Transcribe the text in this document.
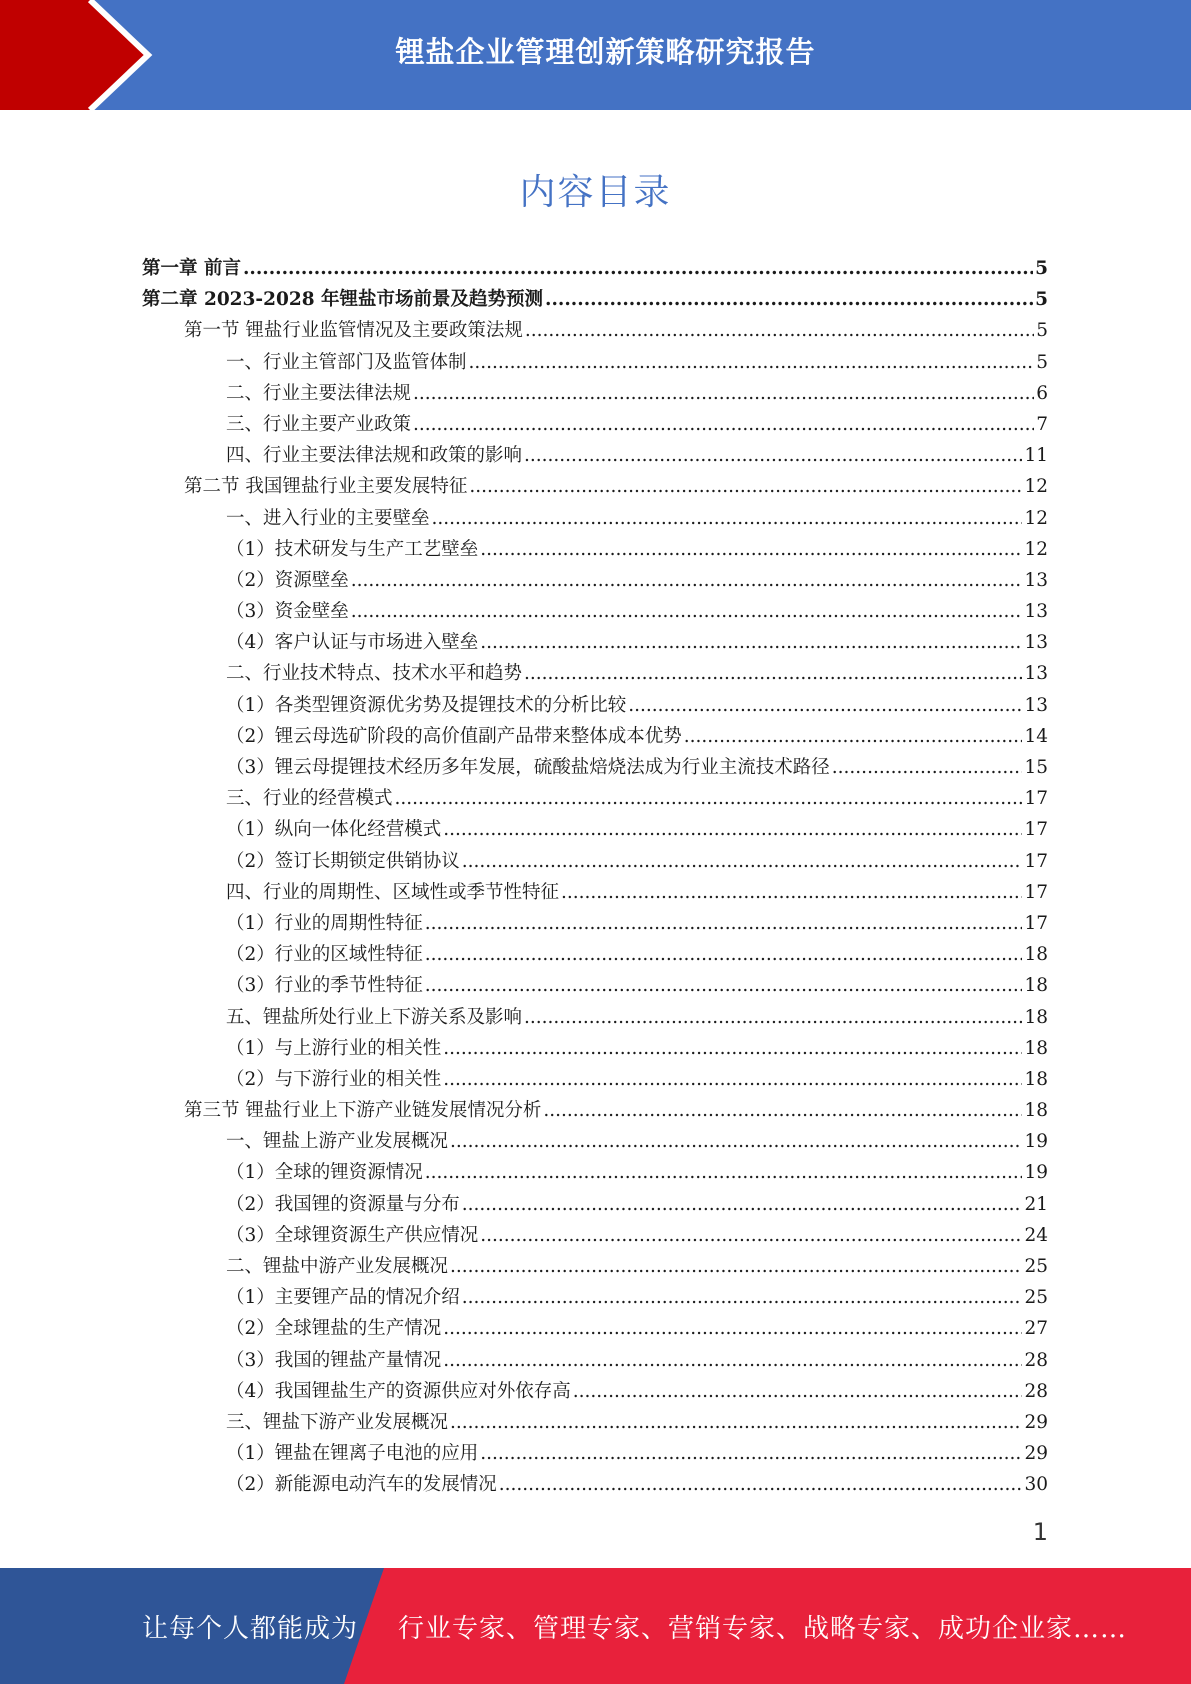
锂盐企业管理创新策略研究报告
内容目录
第一章 前言 .....	5
第二章 2023-2028 年锂盐市场前景及趋势预测 .....	5
第一节 锂盐行业监管情况及主要政策法规 .....	5
一、行业主管部门及监管体制 .....	5
二、行业主要法律法规 .....	6
三、行业主要产业政策 .....	7
四、行业主要法律法规和政策的影响 .....	11
第二节 我国锂盐行业主要发展特征 .....	12
一、进入行业的主要壁垒 .....	12
（1）技术研发与生产工艺壁垒 .....	12
（2）资源壁垒 .....	13
（3）资金壁垒 .....	13
（4）客户认证与市场进入壁垒 .....	13
二、行业技术特点、技术水平和趋势 .....	13
（1）各类型锂资源优劣势及提锂技术的分析比较 .....	13
（2）锂云母选矿阶段的高价值副产品带来整体成本优势 .....	14
（3）锂云母提锂技术经历多年发展，硫酸盐焙烧法成为行业主流技术路径 .....	15
三、行业的经营模式 .....	17
（1）纵向一体化经营模式 .....	17
（2）签订长期锁定供销协议 .....	17
四、行业的周期性、区域性或季节性特征 .....	17
（1）行业的周期性特征 .....	17
（2）行业的区域性特征 .....	18
（3）行业的季节性特征 .....	18
五、锂盐所处行业上下游关系及影响 .....	18
（1）与上游行业的相关性 .....	18
（2）与下游行业的相关性 .....	18
第三节 锂盐行业上下游产业链发展情况分析 .....	18
一、锂盐上游产业发展概况 .....	19
（1）全球的锂资源情况 .....	19
（2）我国锂的资源量与分布 .....	21
（3）全球锂资源生产供应情况 .....	24
二、锂盐中游产业发展概况 .....	25
（1）主要锂产品的情况介绍 .....	25
（2）全球锂盐的生产情况 .....	27
（3）我国的锂盐产量情况 .....	28
（4）我国锂盐生产的资源供应对外依存高 .....	28
三、锂盐下游产业发展概况 .....	29
（1）锂盐在锂离子电池的应用 .....	29
（2）新能源电动汽车的发展情况 .....	30
1
让每个人都能成为 行业专家、管理专家、营销专家、战略专家、成功企业家……
